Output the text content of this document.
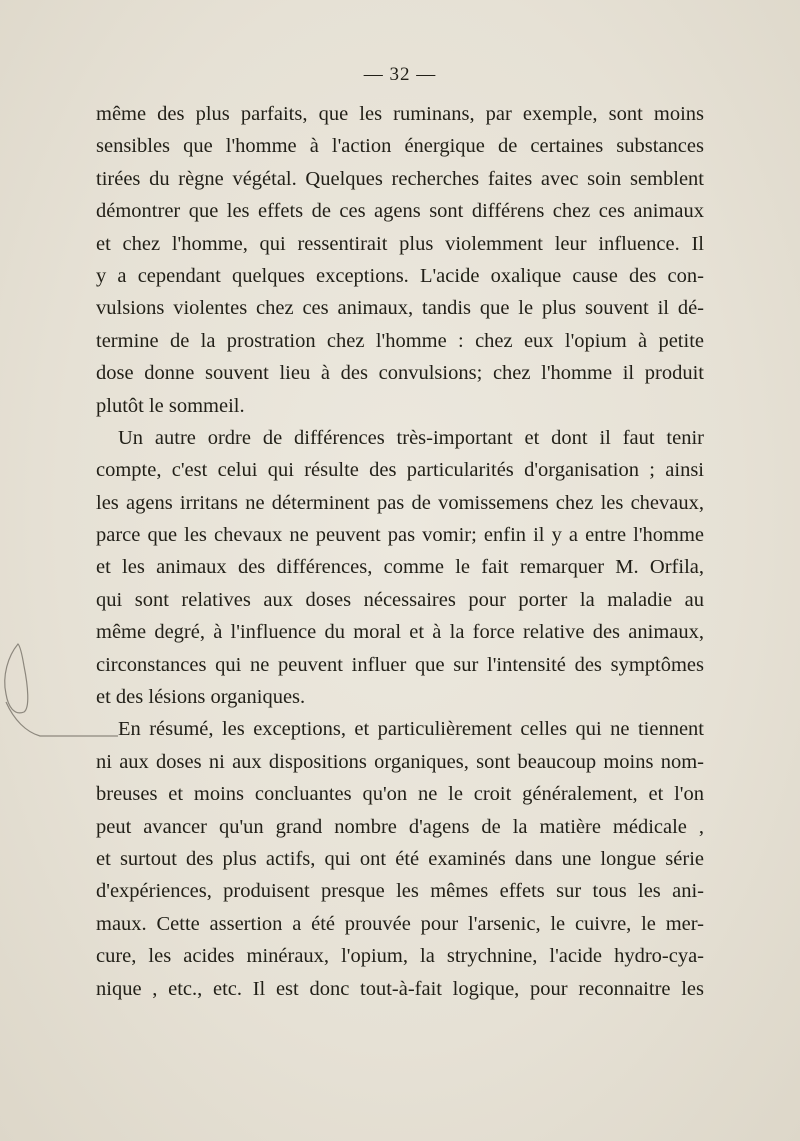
— 32 —
même des plus parfaits, que les ruminans, par exemple, sont moins
sensibles que l'homme à l'action énergique de certaines substances
tirées du règne végétal. Quelques recherches faites avec soin semblent
démontrer que les effets de ces agens sont différens chez ces animaux
et chez l'homme, qui ressentirait plus violemment leur influence. Il
y a cependant quelques exceptions. L'acide oxalique cause des con-
vulsions violentes chez ces animaux, tandis que le plus souvent il dé-
termine de la prostration chez l'homme : chez eux l'opium à petite
dose donne souvent lieu à des convulsions; chez l'homme il produit
plutôt le sommeil.
Un autre ordre de différences très-important et dont il faut tenir
compte, c'est celui qui résulte des particularités d'organisation ; ainsi
les agens irritans ne déterminent pas de vomissemens chez les chevaux,
parce que les chevaux ne peuvent pas vomir; enfin il y a entre l'homme
et les animaux des différences, comme le fait remarquer M. Orfila,
qui sont relatives aux doses nécessaires pour porter la maladie au
même degré, à l'influence du moral et à la force relative des animaux,
circonstances qui ne peuvent influer que sur l'intensité des symptômes
et des lésions organiques.
En résumé, les exceptions, et particulièrement celles qui ne tiennent
ni aux doses ni aux dispositions organiques, sont beaucoup moins nom-
breuses et moins concluantes qu'on ne le croit généralement, et l'on
peut avancer qu'un grand nombre d'agens de la matière médicale ,
et surtout des plus actifs, qui ont été examinés dans une longue série
d'expériences, produisent presque les mêmes effets sur tous les ani-
maux. Cette assertion a été prouvée pour l'arsenic, le cuivre, le mer-
cure, les acides minéraux, l'opium, la strychnine, l'acide hydro-cya-
nique , etc., etc. Il est donc tout-à-fait logique, pour reconnaitre les
